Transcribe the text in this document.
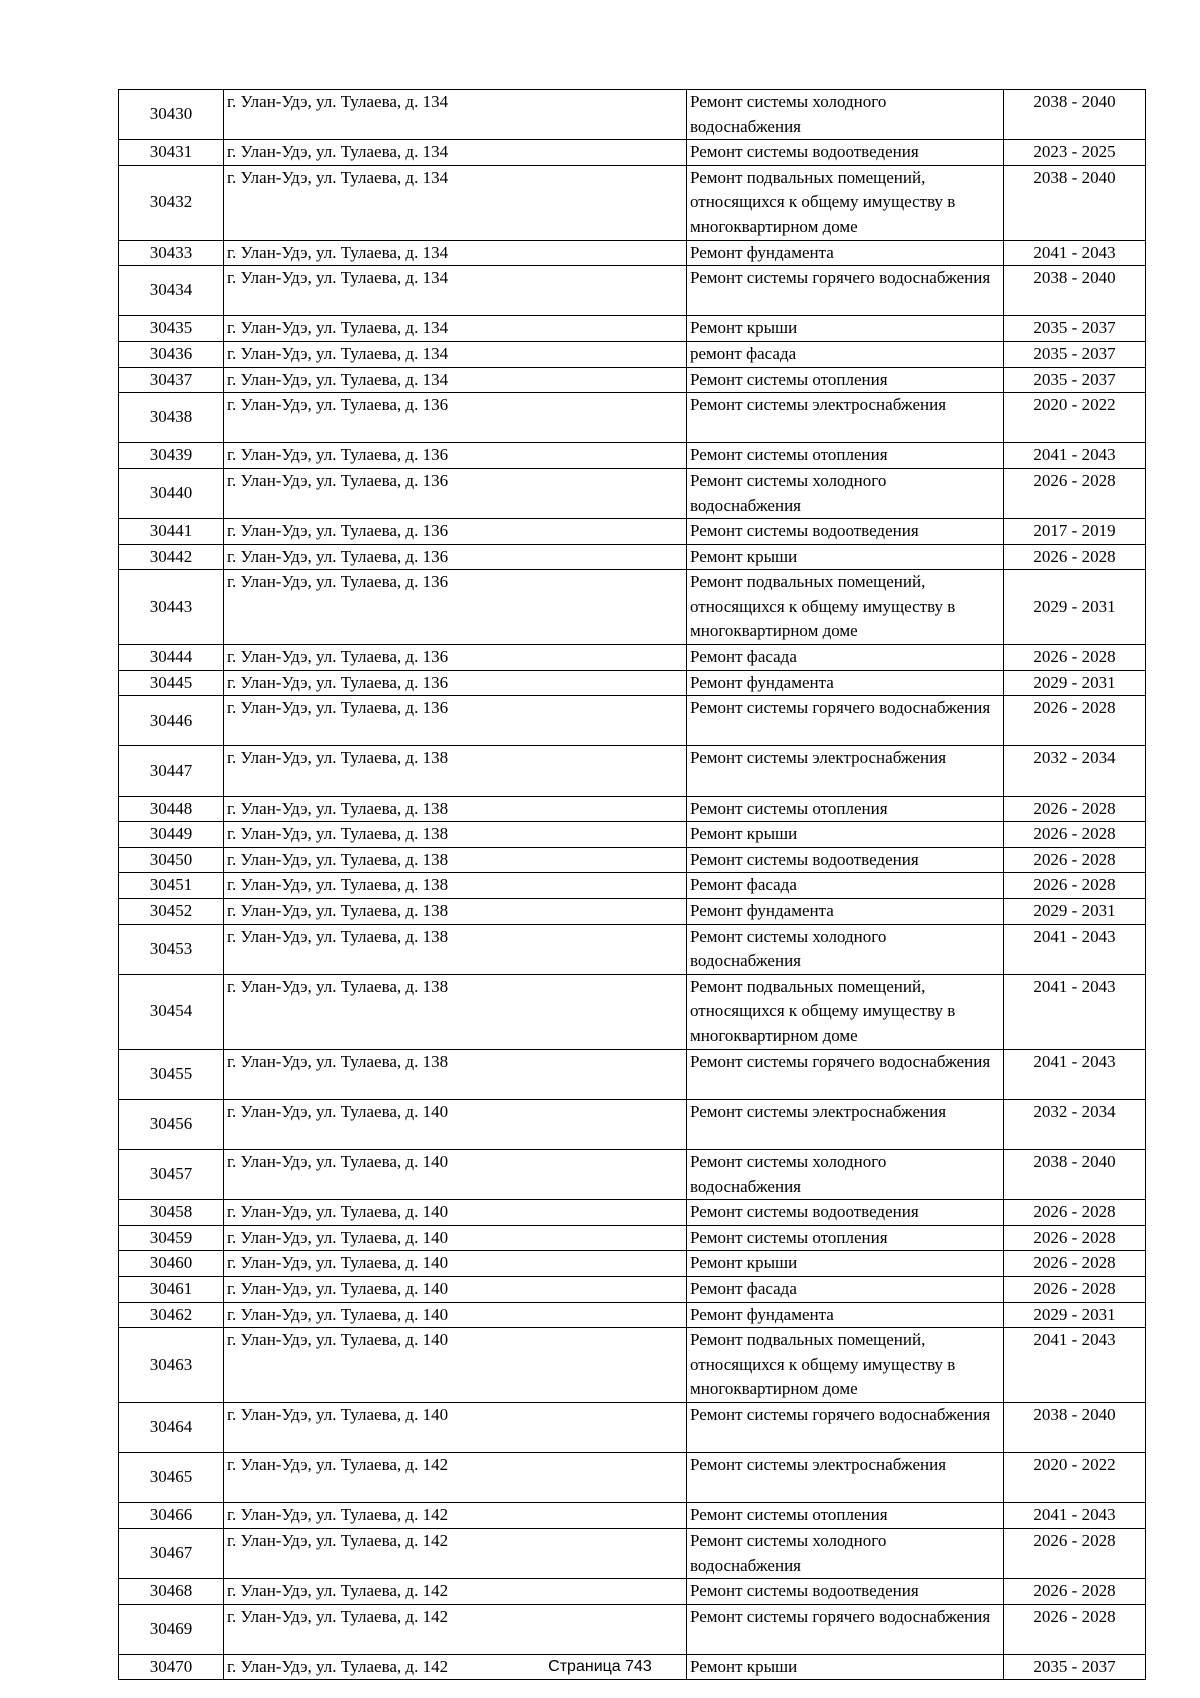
30430	г. Улан-Удэ, ул. Тулаева, д. 134	Ремонт системы холодного водоснабжения	2038 - 2040
30431	г. Улан-Удэ, ул. Тулаева, д. 134	Ремонт системы водоотведения	2023 - 2025
30432	г. Улан-Удэ, ул. Тулаева, д. 134	Ремонт подвальных помещений, относящихся к общему имуществу в многоквартирном доме	2038 - 2040
30433	г. Улан-Удэ, ул. Тулаева, д. 134	Ремонт фундамента	2041 - 2043
30434	г. Улан-Удэ, ул. Тулаева, д. 134	Ремонт системы горячего водоснабжения	2038 - 2040
30435	г. Улан-Удэ, ул. Тулаева, д. 134	Ремонт крыши	2035 - 2037
30436	г. Улан-Удэ, ул. Тулаева, д. 134	ремонт фасада	2035 - 2037
30437	г. Улан-Удэ, ул. Тулаева, д. 134	Ремонт системы отопления	2035 - 2037
30438	г. Улан-Удэ, ул. Тулаева, д. 136	Ремонт системы электроснабжения	2020 - 2022
30439	г. Улан-Удэ, ул. Тулаева, д. 136	Ремонт системы отопления	2041 - 2043
30440	г. Улан-Удэ, ул. Тулаева, д. 136	Ремонт системы холодного водоснабжения	2026 - 2028
30441	г. Улан-Удэ, ул. Тулаева, д. 136	Ремонт системы водоотведения	2017 - 2019
30442	г. Улан-Удэ, ул. Тулаева, д. 136	Ремонт крыши	2026 - 2028
30443	г. Улан-Удэ, ул. Тулаева, д. 136	Ремонт подвальных помещений, относящихся к общему имуществу в многоквартирном доме	2029 - 2031
30444	г. Улан-Удэ, ул. Тулаева, д. 136	Ремонт фасада	2026 - 2028
30445	г. Улан-Удэ, ул. Тулаева, д. 136	Ремонт фундамента	2029 - 2031
30446	г. Улан-Удэ, ул. Тулаева, д. 136	Ремонт системы горячего водоснабжения	2026 - 2028
30447	г. Улан-Удэ, ул. Тулаева, д. 138	Ремонт системы электроснабжения	2032 - 2034
30448	г. Улан-Удэ, ул. Тулаева, д. 138	Ремонт системы отопления	2026 - 2028
30449	г. Улан-Удэ, ул. Тулаева, д. 138	Ремонт крыши	2026 - 2028
30450	г. Улан-Удэ, ул. Тулаева, д. 138	Ремонт системы водоотведения	2026 - 2028
30451	г. Улан-Удэ, ул. Тулаева, д. 138	Ремонт фасада	2026 - 2028
30452	г. Улан-Удэ, ул. Тулаева, д. 138	Ремонт фундамента	2029 - 2031
30453	г. Улан-Удэ, ул. Тулаева, д. 138	Ремонт системы холодного водоснабжения	2041 - 2043
30454	г. Улан-Удэ, ул. Тулаева, д. 138	Ремонт подвальных помещений, относящихся к общему имуществу в многоквартирном доме	2041 - 2043
30455	г. Улан-Удэ, ул. Тулаева, д. 138	Ремонт системы горячего водоснабжения	2041 - 2043
30456	г. Улан-Удэ, ул. Тулаева, д. 140	Ремонт системы электроснабжения	2032 - 2034
30457	г. Улан-Удэ, ул. Тулаева, д. 140	Ремонт системы холодного водоснабжения	2038 - 2040
30458	г. Улан-Удэ, ул. Тулаева, д. 140	Ремонт системы водоотведения	2026 - 2028
30459	г. Улан-Удэ, ул. Тулаева, д. 140	Ремонт системы отопления	2026 - 2028
30460	г. Улан-Удэ, ул. Тулаева, д. 140	Ремонт крыши	2026 - 2028
30461	г. Улан-Удэ, ул. Тулаева, д. 140	Ремонт фасада	2026 - 2028
30462	г. Улан-Удэ, ул. Тулаева, д. 140	Ремонт фундамента	2029 - 2031
30463	г. Улан-Удэ, ул. Тулаева, д. 140	Ремонт подвальных помещений, относящихся к общему имуществу в многоквартирном доме	2041 - 2043
30464	г. Улан-Удэ, ул. Тулаева, д. 140	Ремонт системы горячего водоснабжения	2038 - 2040
30465	г. Улан-Удэ, ул. Тулаева, д. 142	Ремонт системы электроснабжения	2020 - 2022
30466	г. Улан-Удэ, ул. Тулаева, д. 142	Ремонт системы отопления	2041 - 2043
30467	г. Улан-Удэ, ул. Тулаева, д. 142	Ремонт системы холодного водоснабжения	2026 - 2028
30468	г. Улан-Удэ, ул. Тулаева, д. 142	Ремонт системы водоотведения	2026 - 2028
30469	г. Улан-Удэ, ул. Тулаева, д. 142	Ремонт системы горячего водоснабжения	2026 - 2028
30470	г. Улан-Удэ, ул. Тулаева, д. 142	Ремонт крыши	2035 - 2037
Страница 743
